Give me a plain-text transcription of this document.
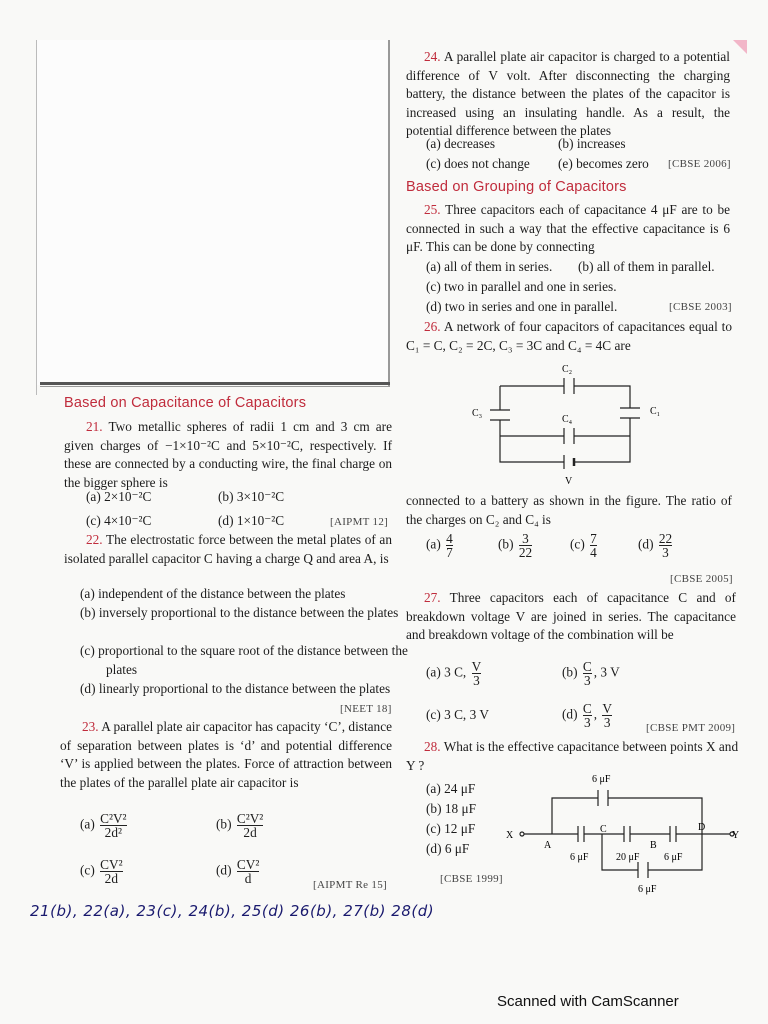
Based on Capacitance of Capacitors
21. Two metallic spheres of radii 1 cm and 3 cm are given charges of −1×10⁻²C and 5×10⁻²C, respectively. If these are connected by a conducting wire, the final charge on the bigger sphere is
(a) 2×10⁻²C	(b) 3×10⁻²C
(c) 4×10⁻²C	(d) 1×10⁻²C	[AIPMT 12]
22. The electrostatic force between the metal plates of an isolated parallel capacitor C having a charge Q and area A, is
(a) independent of the distance between the plates
(b) inversely proportional to the distance between the plates
(c) proportional to the square root of the distance between the plates
(d) linearly proportional to the distance between the plates
[NEET 18]
23. A parallel plate air capacitor has capacity ‘C’, distance of separation between plates is ‘d’ and potential difference ‘V’ is applied between the plates. Force of attraction between the plates of the parallel plate air capacitor is
$(a) \frac{\text{C²V²}}{\text{2d²}}$	$(b) \frac{\text{C²V²}}{2d}$
$(c) \frac{\text{CV²}}{2d}$	$(d) \frac{\text{CV²}}{d}$	[AIPMT Re 15]
24. A parallel plate air capacitor is charged to a potential difference of V volt. After disconnecting the charging battery, the distance between the plates of the capacitor is increased using an insulating handle. As a result, the potential difference between the plates
(a) decreases	(b) increases
(c) does not change (e) becomes zero [CBSE 2006]
Based on Grouping of Capacitors
25. Three capacitors each of capacitance 4 μF are to be connected in such a way that the effective capacitance is 6 μF. This can be done by connecting
(a) all of them in series. (b) all of them in parallel.
(c) two in parallel and one in series.
(d) two in series and one in parallel.	[CBSE 2003]
26. A network of four capacitors of capacitances equal to C₁ = C, C₂ = 2C, C₃ = 3C and C₄ = 4C are
C₂
C₃
C₄
C₁
V
connected to a battery as shown in the figure. The ratio of the charges on C₂ and C₄ is
$(a) \frac{4}{7}$	$(b) \frac{3}{22}$	$(c) \frac{7}{4}$	$(d) \frac{22}{3}$
[CBSE 2005]
27. Three capacitors each of capacitance C and of breakdown voltage V are joined in series. The capacitance and breakdown voltage of the combination will be
(a) 3 C, $\frac{V}{3}$	$(b) \frac{C}{3}$ , 3 V
(c) 3 C, 3 V	$(d) \frac{C}{3}$ , $\frac{V}{3}$	[CBSE PMT 2009]
28. What is the effective capacitance between points X and Y ?
(a) 24 μF
(b) 18 μF
(c) 12 μF
(d) 6 μF
[CBSE 1999]
6 μF
X
A
C
B
D
Y
6 μF	20 μF 6 μF
6 μF
21(b), 22(a), 23(c), 24(b), 25(d) 26(b), 27(b) 28(d)
Scanned with CamScanner
